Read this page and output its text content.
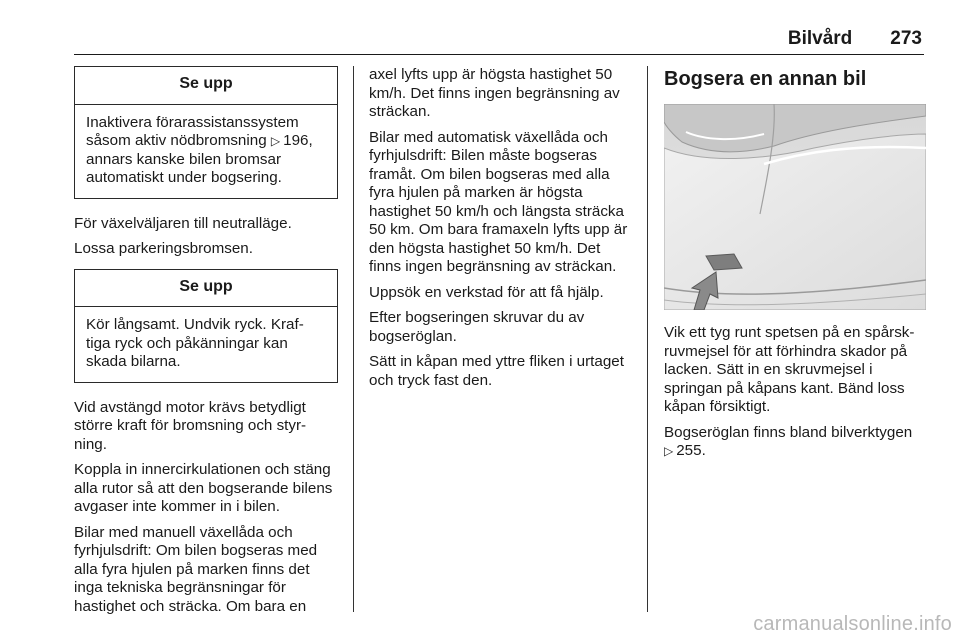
Bilvård 273
Se upp
Inaktivera förarassistanssystem såsom aktiv nödbromsning ▷ 196, annars kanske bilen bromsar automatiskt under bogsering.

För växelväljaren till neutralläge.

Lossa parkeringsbromsen.

Se upp
Kör långsamt. Undvik ryck. Kraf-tiga ryck och påkänningar kan skada bilarna.

Vid avstängd motor krävs betydligt större kraft för bromsning och styr-ning.

Koppla in innercirkulationen och stäng alla rutor så att den bogserande bilens avgaser inte kommer in i bilen.

Bilar med manuell växellåda och fyrhjulsdrift: Om bilen bogseras med alla fyra hjulen på marken finns det inga tekniska begränsningar för hastighet och sträcka. Om bara en

axel lyfts upp är högsta hastighet 50 km/h. Det finns ingen begränsning av sträckan.

Bilar med automatisk växellåda och fyrhjulsdrift: Bilen måste bogseras framåt. Om bilen bogseras med alla fyra hjulen på marken är högsta hastighet 50 km/h och längsta sträcka 50 km. Om bara framaxeln lyfts upp är den högsta hastighet 50 km/h. Det finns ingen begränsning av sträckan.

Uppsök en verkstad för att få hjälp.

Efter bogseringen skruvar du av bogseröglan.

Sätt in kåpan med yttre fliken i urtaget och tryck fast den.

Bogsera en annan bil

Vik ett tyg runt spetsen på en spårsk-ruvmejsel för att förhindra skador på lacken. Sätt in en skruvmejsel i springan på kåpans kant. Bänd loss kåpan försiktigt.

Bogseröglan finns bland bilverktygen ▷ 255.

carmanualsonline.info
